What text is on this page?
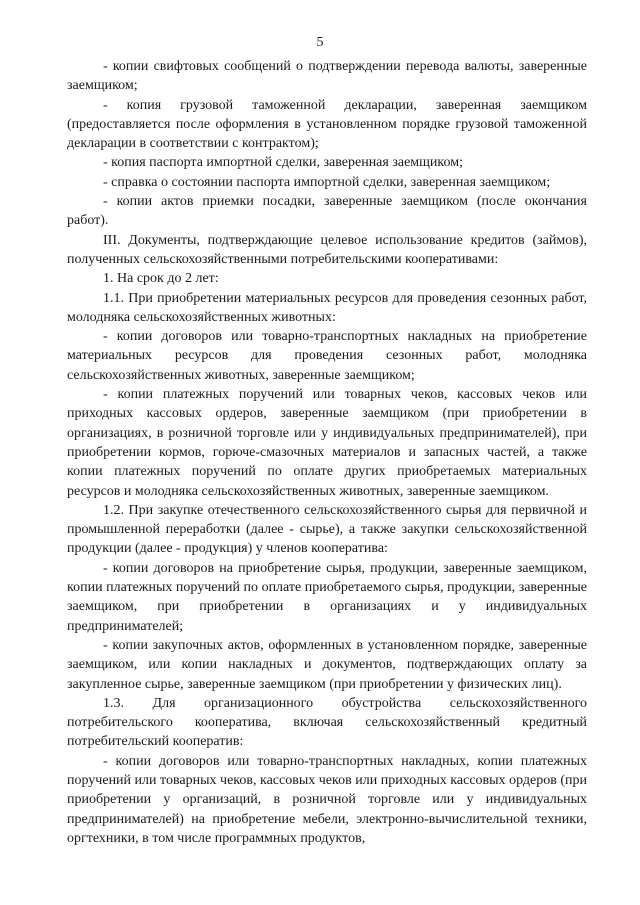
5

- копии свифтовых сообщений о подтверждении перевода валюты, заверенные заемщиком;

- копия грузовой таможенной декларации, заверенная заемщиком (предоставляется после оформления в установленном порядке грузовой таможенной декларации в соответствии с контрактом);

- копия паспорта импортной сделки, заверенная заемщиком;

- справка о состоянии паспорта импортной сделки, заверенная заемщиком;

- копии актов приемки посадки, заверенные заемщиком (после окончания работ).

III. Документы, подтверждающие целевое использование кредитов (займов), полученных сельскохозяйственными потребительскими кооперативами:

1. На срок до 2 лет:

1.1. При приобретении материальных ресурсов для проведения сезонных работ, молодняка сельскохозяйственных животных:

- копии договоров или товарно-транспортных накладных на приобретение материальных ресурсов для проведения сезонных работ, молодняка сельскохозяйственных животных, заверенные заемщиком;

- копии платежных поручений или товарных чеков, кассовых чеков или приходных кассовых ордеров, заверенные заемщиком (при приобретении в организациях, в розничной торговле или у индивидуальных предпринимателей), при приобретении кормов, горюче-смазочных материалов и запасных частей, а также копии платежных поручений по оплате других приобретаемых материальных ресурсов и молодняка сельскохозяйственных животных, заверенные заемщиком.

1.2. При закупке отечественного сельскохозяйственного сырья для первичной и промышленной переработки (далее - сырье), а также закупки сельскохозяйственной продукции (далее - продукция) у членов кооператива:

- копии договоров на приобретение сырья, продукции, заверенные заемщиком, копии платежных поручений по оплате приобретаемого сырья, продукции, заверенные заемщиком, при приобретении в организациях и у индивидуальных предпринимателей;

- копии закупочных актов, оформленных в установленном порядке, заверенные заемщиком, или копии накладных и документов, подтверждающих оплату за закупленное сырье, заверенные заемщиком (при приобретении у физических лиц).

1.3. Для организационного обустройства сельскохозяйственного потребительского кооператива, включая сельскохозяйственный кредитный потребительский кооператив:

- копии договоров или товарно-транспортных накладных, копии платежных поручений или товарных чеков, кассовых чеков или приходных кассовых ордеров (при приобретении у организаций, в розничной торговле или у индивидуальных предпринимателей) на приобретение мебели, электронно-вычислительной техники, оргтехники, в том числе программных продуктов,
